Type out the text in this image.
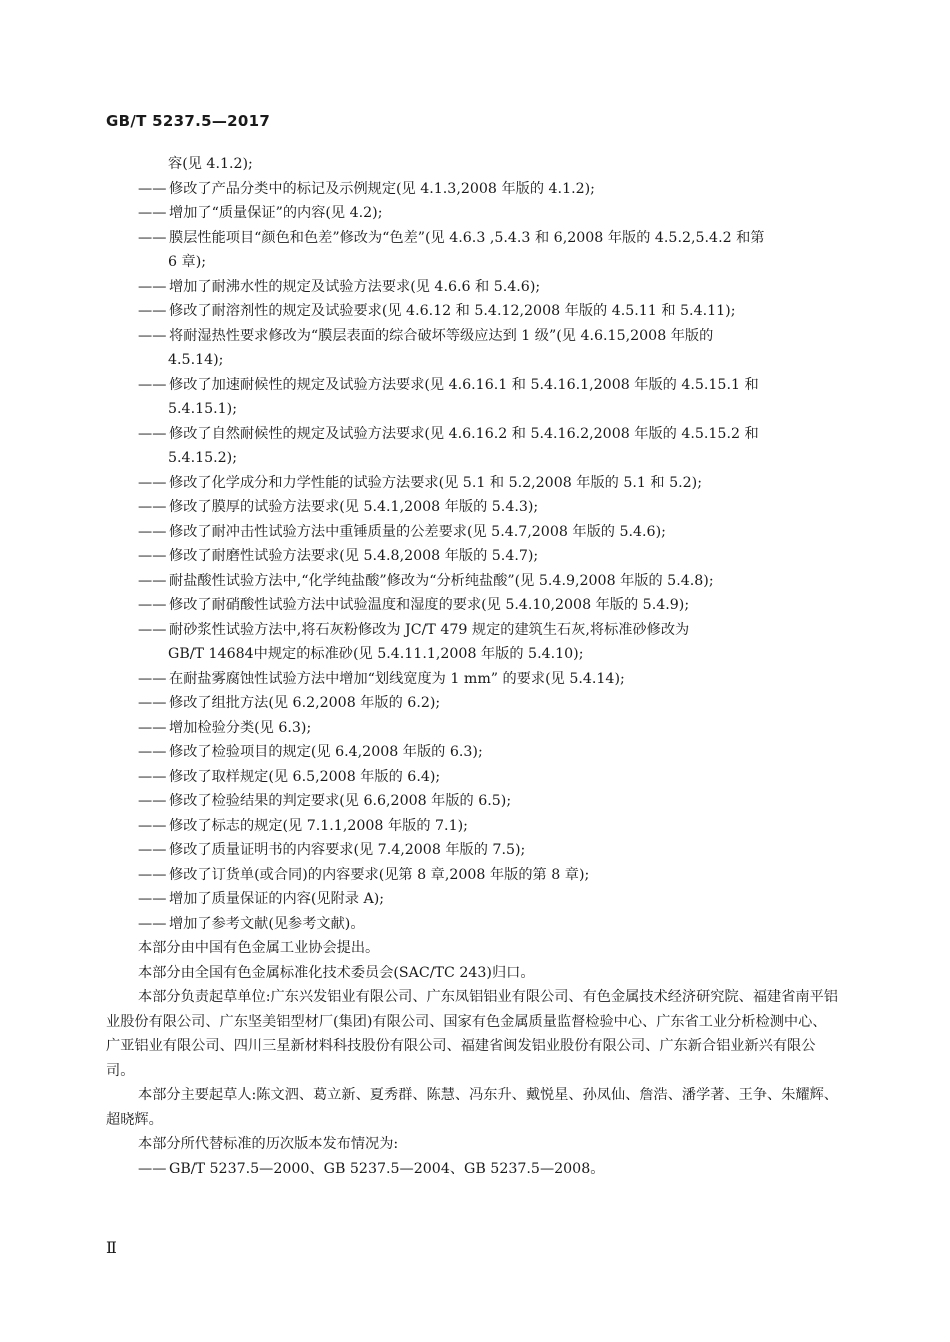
GB/T 5237.5—2017
容(见 4.1.2);
—— 修改了产品分类中的标记及示例规定(见 4.1.3,2008 年版的 4.1.2);
—— 增加了“质量保证”的内容(见 4.2);
—— 膜层性能项目“颜色和色差”修改为“色差”(见 4.6.3 ,5.4.3 和 6,2008 年版的 4.5.2,5.4.2 和第
6 章);
—— 增加了耐沸水性的规定及试验方法要求(见 4.6.6 和 5.4.6);
—— 修改了耐溶剂性的规定及试验要求(见 4.6.12 和 5.4.12,2008 年版的 4.5.11 和 5.4.11);
—— 将耐湿热性要求修改为“膜层表面的综合破坏等级应达到 1 级”(见 4.6.15,2008 年版的
4.5.14);
—— 修改了加速耐候性的规定及试验方法要求(见 4.6.16.1 和 5.4.16.1,2008 年版的 4.5.15.1 和
5.4.15.1);
—— 修改了自然耐候性的规定及试验方法要求(见 4.6.16.2 和 5.4.16.2,2008 年版的 4.5.15.2 和
5.4.15.2);
—— 修改了化学成分和力学性能的试验方法要求(见 5.1 和 5.2,2008 年版的 5.1 和 5.2);
—— 修改了膜厚的试验方法要求(见 5.4.1,2008 年版的 5.4.3);
—— 修改了耐冲击性试验方法中重锤质量的公差要求(见 5.4.7,2008 年版的 5.4.6);
—— 修改了耐磨性试验方法要求(见 5.4.8,2008 年版的 5.4.7);
—— 耐盐酸性试验方法中,“化学纯盐酸”修改为“分析纯盐酸”(见 5.4.9,2008 年版的 5.4.8);
—— 修改了耐硝酸性试验方法中试验温度和湿度的要求(见 5.4.10,2008 年版的 5.4.9);
—— 耐砂浆性试验方法中,将石灰粉修改为 JC/T 479 规定的建筑生石灰,将标准砂修改为
GB/T 14684中规定的标准砂(见 5.4.11.1,2008 年版的 5.4.10);
—— 在耐盐雾腐蚀性试验方法中增加“划线宽度为 1 mm” 的要求(见 5.4.14);
—— 修改了组批方法(见 6.2,2008 年版的 6.2);
—— 增加检验分类(见 6.3);
—— 修改了检验项目的规定(见 6.4,2008 年版的 6.3);
—— 修改了取样规定(见 6.5,2008 年版的 6.4);
—— 修改了检验结果的判定要求(见 6.6,2008 年版的 6.5);
—— 修改了标志的规定(见 7.1.1,2008 年版的 7.1);
—— 修改了质量证明书的内容要求(见 7.4,2008 年版的 7.5);
—— 修改了订货单(或合同)的内容要求(见第 8 章,2008 年版的第 8 章);
—— 增加了质量保证的内容(见附录 A);
—— 增加了参考文献(见参考文献)。
本部分由中国有色金属工业协会提出。
本部分由全国有色金属标准化技术委员会(SAC/TC 243)归口。
本部分负责起草单位:广东兴发铝业有限公司、广东凤铝铝业有限公司、有色金属技术经济研究院、福建省南平铝业股份有限公司、广东坚美铝型材厂(集团)有限公司、国家有色金属质量监督检验中心、广东省工业分析检测中心、广亚铝业有限公司、四川三星新材料科技股份有限公司、福建省闽发铝业股份有限公司、广东新合铝业新兴有限公司。
本部分主要起草人:陈文泗、葛立新、夏秀群、陈慧、冯东升、戴悦星、孙凤仙、詹浩、潘学著、王争、朱耀辉、超晓辉。
本部分所代替标准的历次版本发布情况为:
—— GB/T 5237.5—2000、GB 5237.5—2004、GB 5237.5—2008。
Ⅱ
